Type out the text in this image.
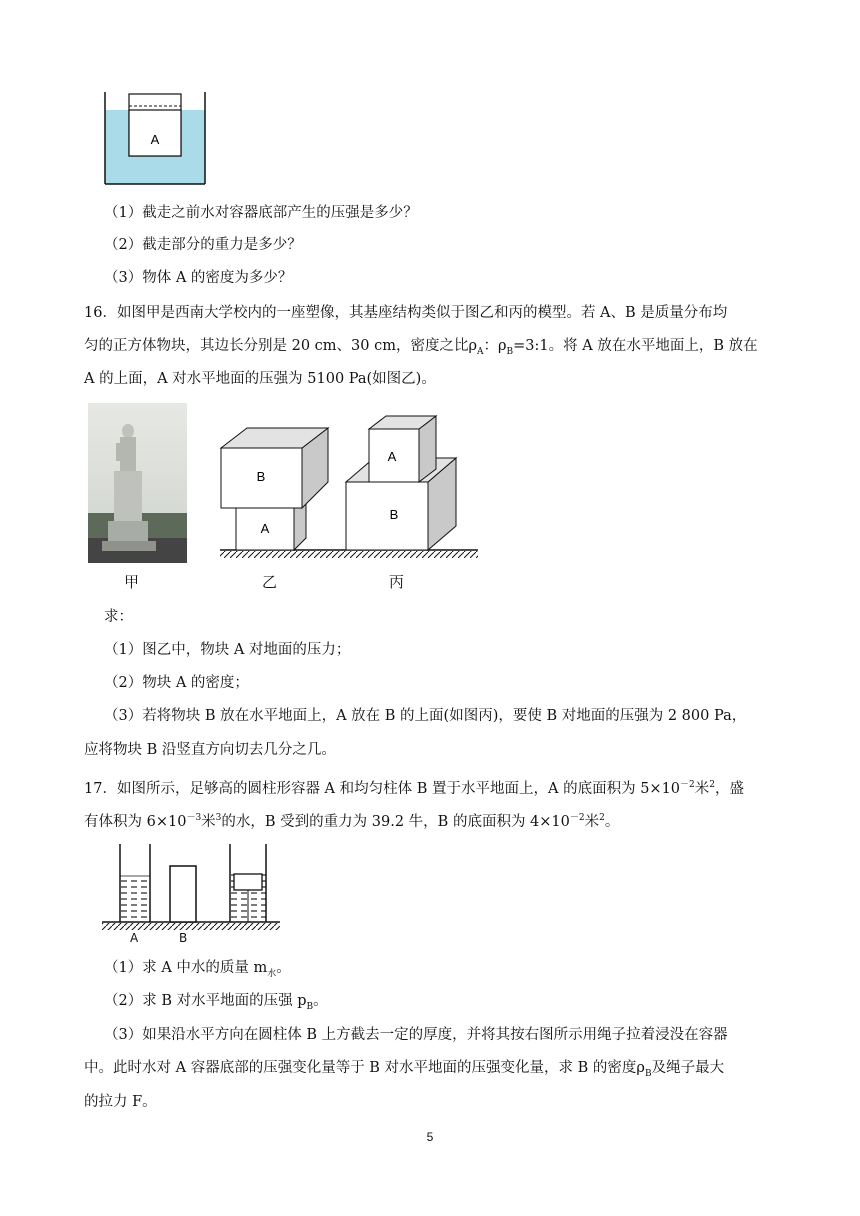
A
（1）截走之前水对容器底部产生的压强是多少？
（2）截走部分的重力是多少？
（3）物体 A 的密度为多少？
16．如图甲是西南大学校内的一座塑像，其基座结构类似于图乙和丙的模型。若 A、B 是质量分布均
匀的正方体物块，其边长分别是 20 cm、30 cm，密度之比$\rho_A$：$\rho_B=3:1$。将 A 放在水平地面上，B 放在
A 的上面，A 对水平地面的压强为 5100 Pa(如图乙)。
甲
A
B
B
A
乙	丙
求：
（1）图乙中，物块 A 对地面的压力；
（2）物块 A 的密度；
（3）若将物块 B 放在水平地面上，A 放在 B 的上面(如图丙)，要使 B 对地面的压强为 2 800 Pa，
应将物块 B 沿竖直方向切去几分之几。
17．如图所示，足够高的圆柱形容器 A 和均匀柱体 B 置于水平地面上，A 的底面积为 $5\times 10^{-2}$米$^2$，盛
有体积为 $6\times 10^{-3}$米$^3$的水，B 受到的重力为 39.2 牛，B 的底面积为 $4\times 10^{-2}$米$^2$。
A	B
（1）求 A 中水的质量 $m_水$。
（2）求 B 对水平地面的压强 $p_B$。
（3）如果沿水平方向在圆柱体 B 上方截去一定的厚度，并将其按右图所示用绳子拉着浸没在容器
中。此时水对 A 容器底部的压强变化量等于 B 对水平地面的压强变化量，求 B 的密度$\rho_B$及绳子最大
的拉力 F。
5
